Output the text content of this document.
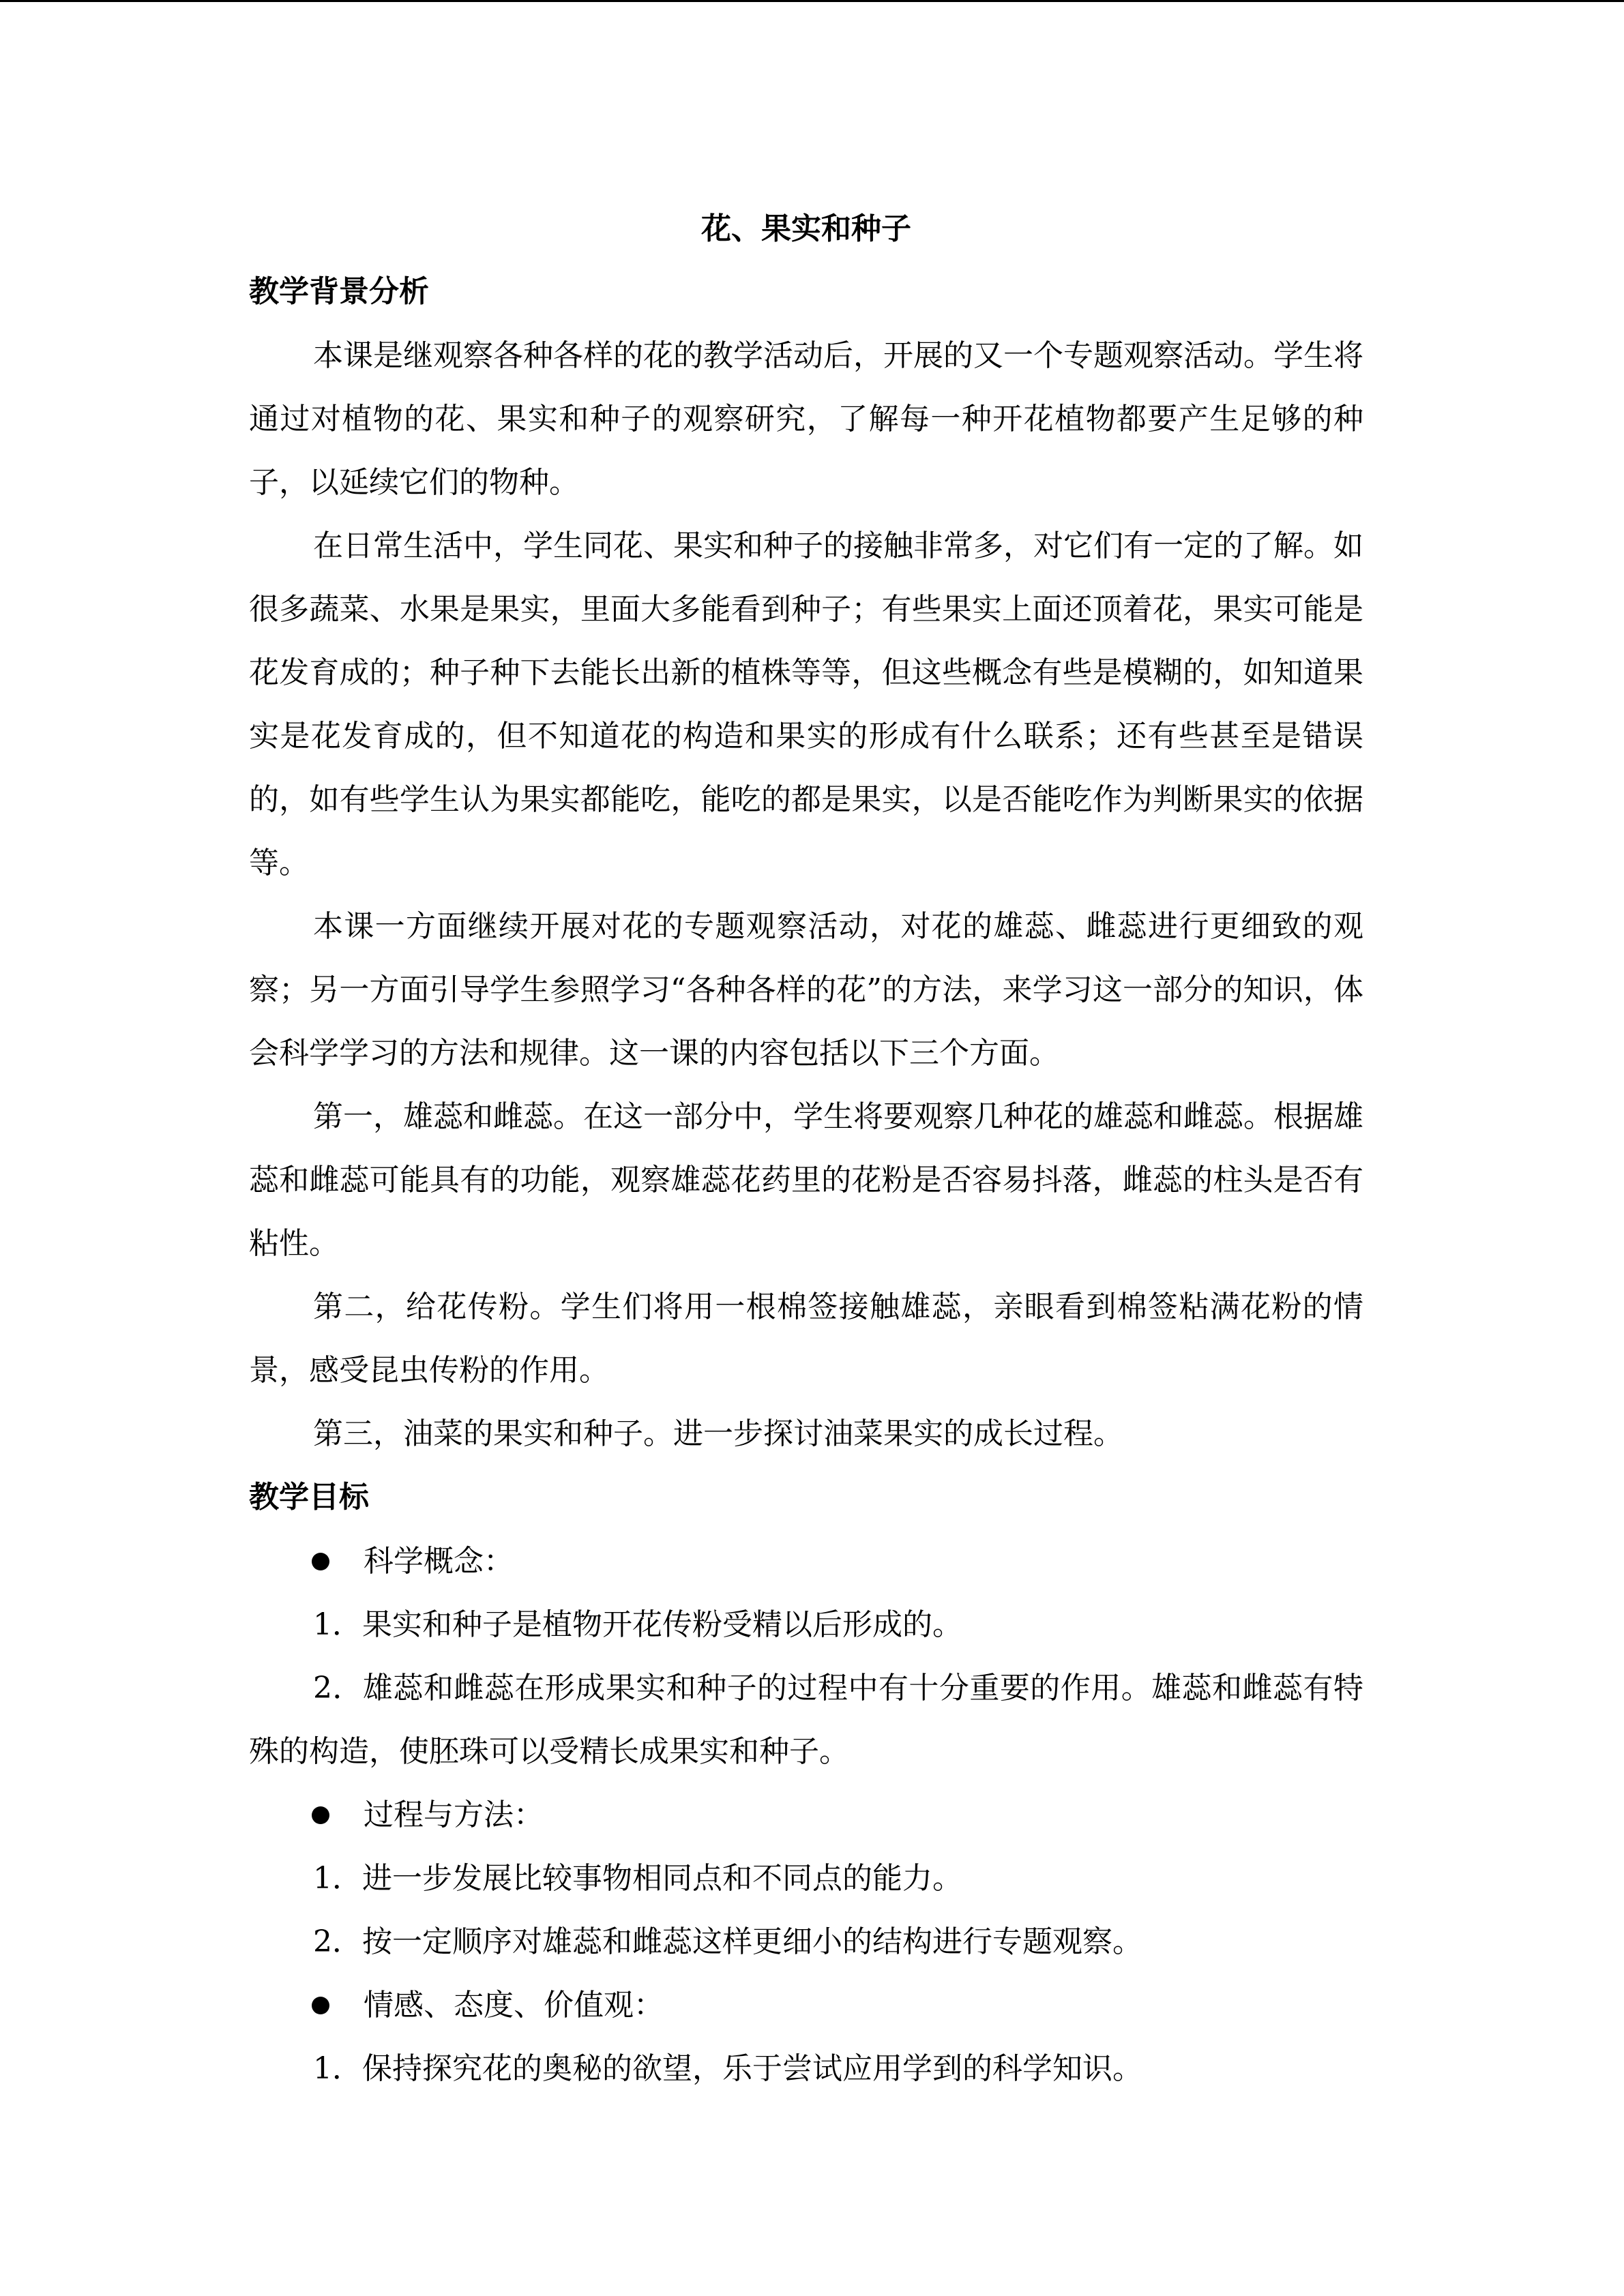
花、果实和种子
教学背景分析

本课是继观察各种各样的花的教学活动后，开展的又一个专题观察活动。学生将通过对植物的花、果实和种子的观察研究，了解每一种开花植物都要产生足够的种子，以延续它们的物种。

在日常生活中，学生同花、果实和种子的接触非常多，对它们有一定的了解。如很多蔬菜、水果是果实，里面大多能看到种子；有些果实上面还顶着花，果实可能是花发育成的；种子种下去能长出新的植株等等，但这些概念有些是模糊的，如知道果实是花发育成的，但不知道花的构造和果实的形成有什么联系；还有些甚至是错误的，如有些学生认为果实都能吃，能吃的都是果实，以是否能吃作为判断果实的依据等。

本课一方面继续开展对花的专题观察活动，对花的雄蕊、雌蕊进行更细致的观察；另一方面引导学生参照学习“各种各样的花”的方法，来学习这一部分的知识，体会科学学习的方法和规律。这一课的内容包括以下三个方面。

第一，雄蕊和雌蕊。在这一部分中，学生将要观察几种花的雄蕊和雌蕊。根据雄蕊和雌蕊可能具有的功能，观察雄蕊花药里的花粉是否容易抖落，雌蕊的柱头是否有粘性。

第二，给花传粉。学生们将用一根棉签接触雄蕊，亲眼看到棉签粘满花粉的情景，感受昆虫传粉的作用。

第三，油菜的果实和种子。进一步探讨油菜果实的成长过程。

教学目标
科学概念：

1．果实和种子是植物开花传粉受精以后形成的。

2．雄蕊和雌蕊在形成果实和种子的过程中有十分重要的作用。雄蕊和雌蕊有特殊的构造，使胚珠可以受精长成果实和种子。

过程与方法：

1．进一步发展比较事物相同点和不同点的能力。

2．按一定顺序对雄蕊和雌蕊这样更细小的结构进行专题观察。

情感、态度、价值观：

1．保持探究花的奥秘的欲望，乐于尝试应用学到的科学知识。
